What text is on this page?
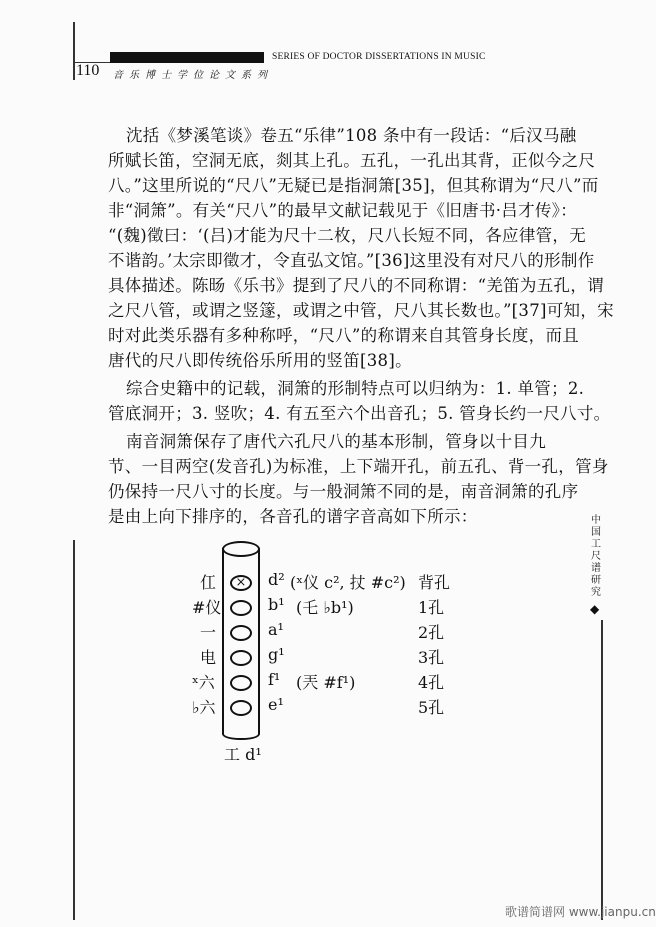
SERIES OF DOCTOR DISSERTATIONS IN MUSIC
110 音乐博士学位论文系列
沈括《梦溪笔谈》卷五“乐律”108 条中有一段话：“后汉马融
所赋长笛，空洞无底，剡其上孔。五孔，一孔出其背，正似今之尺
八。”这里所说的“尺八”无疑已是指洞箫[35]，但其称谓为“尺八”而
非“洞箫”。有关“尺八”的最早文献记载见于《旧唐书·吕才传》：
“(魏)徵曰：‘(吕)才能为尺十二枚，尺八长短不同，各应律管，无
不谐韵。’太宗即徵才，令直弘文馆。”[36]这里没有对尺八的形制作
具体描述。陈旸《乐书》提到了尺八的不同称谓：“羌笛为五孔，谓
之尺八管，或谓之竖篴，或谓之中管，尺八其长数也。”[37]可知，宋
时对此类乐器有多种称呼，“尺八”的称谓来自其管身长度，而且
唐代的尺八即传统俗乐所用的竖笛[38]。
综合史籍中的记载，洞箫的形制特点可以归纳为：1. 单管；2.
管底洞开；3. 竖吹；4. 有五至六个出音孔；5. 管身长约一尺八寸。
南音洞箫保存了唐代六孔尺八的基本形制，管身以十目九
节、一目两空(发音孔)为标准，上下端开孔，前五孔、背一孔，管身
仍保持一尺八寸的长度。与一般洞箫不同的是，南音洞箫的孔序
是由上向下排序的，各音孔的谱字音高如下所示：
仜	×	d² (ˣ仪 c², 扙 #c²) 背孔
#仪	b¹ (乇 ♭b¹)	1孔
一	a¹	2孔
电	g¹	3孔
ˣ六	f¹ (兲 #f¹)	4孔
♭六	e¹	5孔
工 d¹
中国工尺谱研究
◆
歌谱简谱网 www.jianpu.cn
